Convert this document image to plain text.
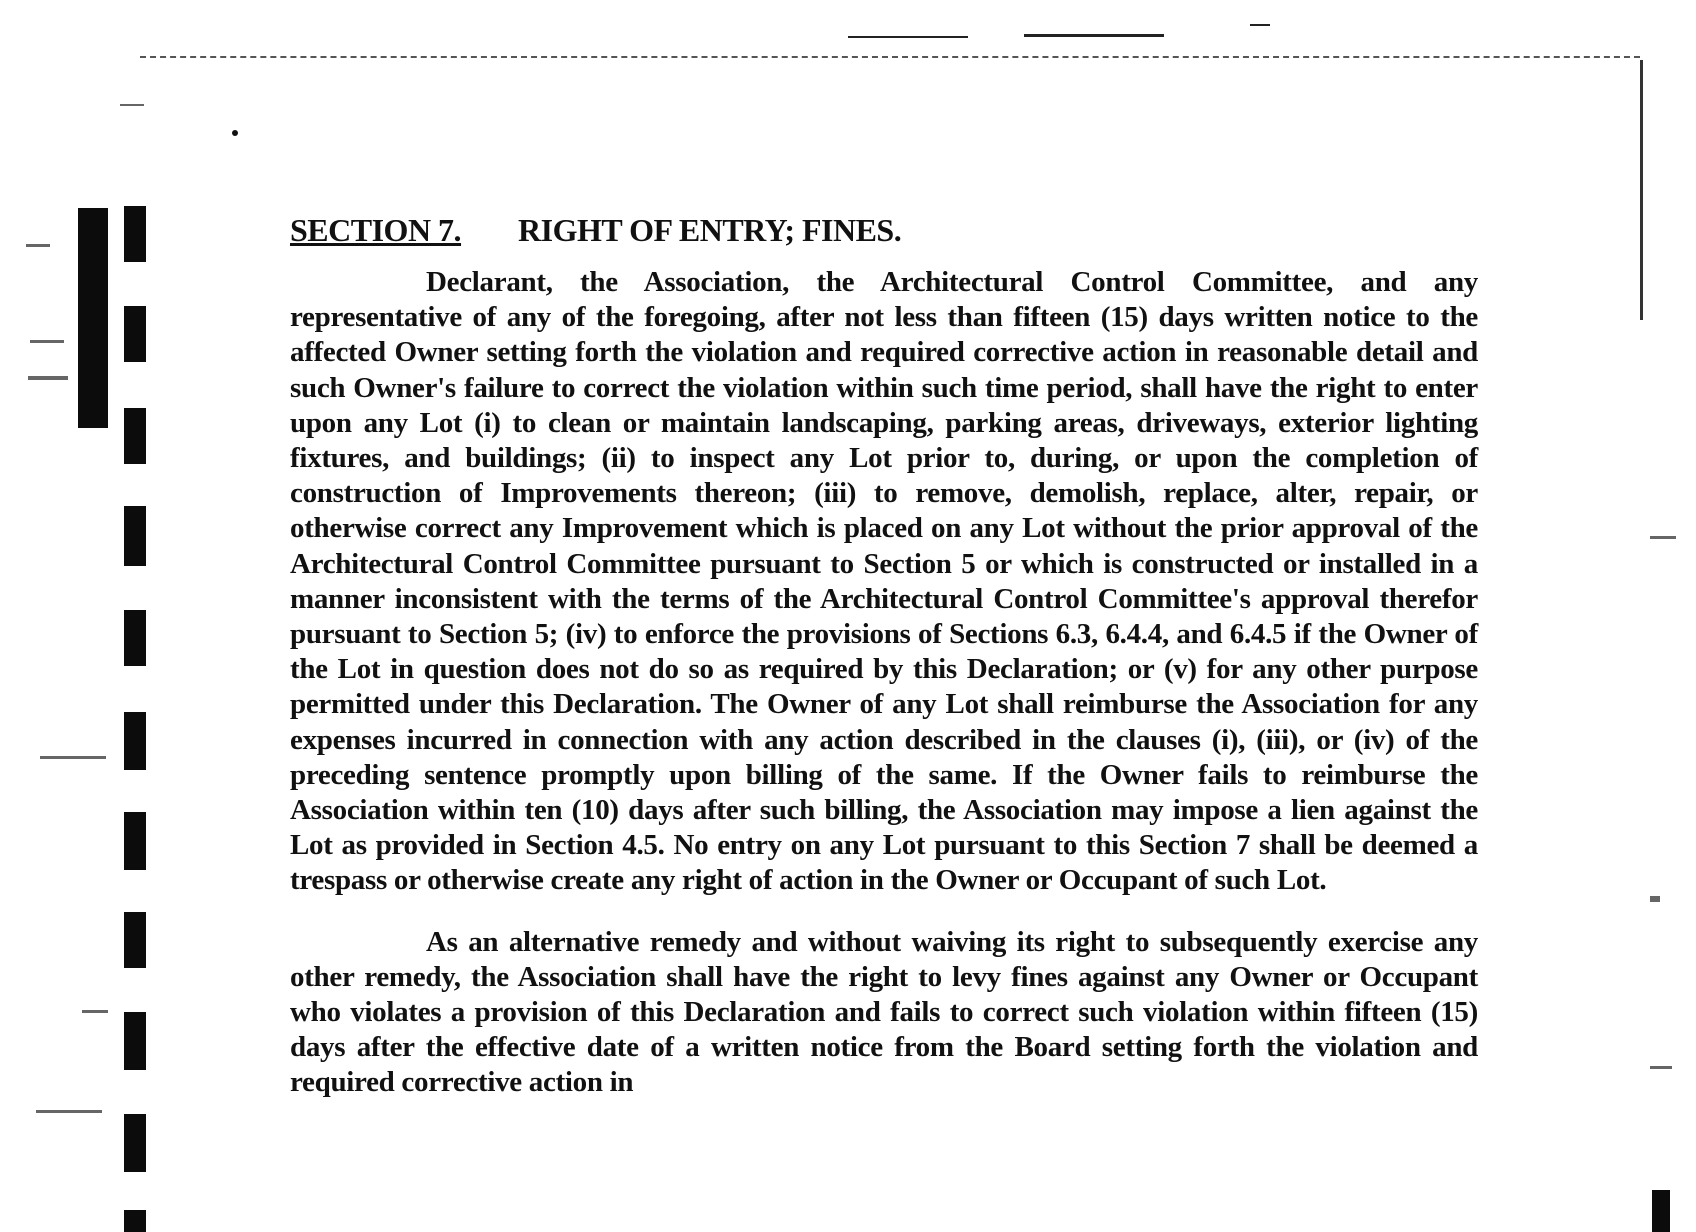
SECTION 7.	RIGHT OF ENTRY; FINES.

Declarant, the Association, the Architectural Control Committee, and any representative of any of the foregoing, after not less than fifteen (15) days written notice to the affected Owner setting forth the violation and required corrective action in reasonable detail and such Owner's failure to correct the violation within such time period, shall have the right to enter upon any Lot (i) to clean or maintain landscaping, parking areas, driveways, exterior lighting fixtures, and buildings; (ii) to inspect any Lot prior to, during, or upon the completion of construction of Improvements thereon; (iii) to remove, demolish, replace, alter, repair, or otherwise correct any Improvement which is placed on any Lot without the prior approval of the Architectural Control Committee pursuant to Section 5 or which is constructed or installed in a manner inconsistent with the terms of the Architectural Control Committee's approval therefor pursuant to Section 5; (iv) to enforce the provisions of Sections 6.3, 6.4.4, and 6.4.5 if the Owner of the Lot in question does not do so as required by this Declaration; or (v) for any other purpose permitted under this Declaration. The Owner of any Lot shall reimburse the Association for any expenses incurred in connection with any action described in the clauses (i), (iii), or (iv) of the preceding sentence promptly upon billing of the same. If the Owner fails to reimburse the Association within ten (10) days after such billing, the Association may impose a lien against the Lot as provided in Section 4.5. No entry on any Lot pursuant to this Section 7 shall be deemed a trespass or otherwise create any right of action in the Owner or Occupant of such Lot.

As an alternative remedy and without waiving its right to subsequently exercise any other remedy, the Association shall have the right to levy fines against any Owner or Occupant who violates a provision of this Declaration and fails to correct such violation within fifteen (15) days after the effective date of a written notice from the Board setting forth the violation and required corrective action in
